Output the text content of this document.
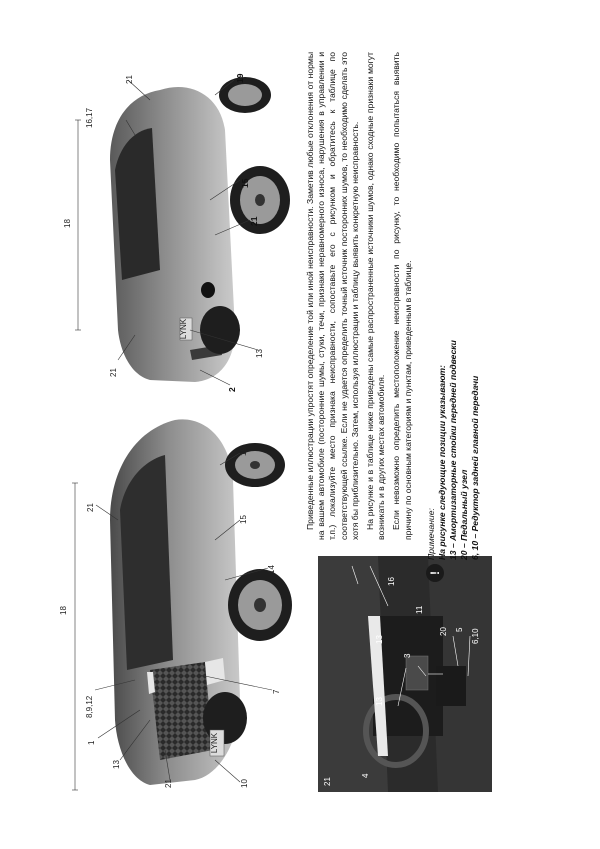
LYNK
LYNK
18
8,9,12
1
13
21
21
10
7
14
15
19
18
16,17
21	19
15
21
13
21
2
21
16
13
13
4
11
3
20 5 6,10

Приведенные иллюстрации упростят определение той или иной неисправности. Заметив любые отклонения от нормы на вашем автомобиле (посторонние шумы, стуки, течи, признаки неравномерного износа, нарушения в управлении и т.п.) локализуйте место признака неисправности, сопоставьте его с рисунком и обратитесь к таблице по соответствующей ссылке. Если не удается определить точный источник посторонних шумов, то необходимо сделать это хотя бы приблизительно. Затем, используя иллюстрации и таблицу выявить конкретную неисправность. На рисунке и в таблице ниже приведены самые распространенные источники шумов, однако сходные признаки могут возникать и в других местах автомобиля. Если невозможно определить местоположение неисправности по рисунку, то необходимо попытаться выявить причину по основным категориям и пунктам, приведенным в таблице.

!

Примечание: На рисунке следующие позиции указывают: 13 – Амортизаторные стойки передней подвески 20 – Педальный узел 6, 10 – Редуктор задней главной передачи
